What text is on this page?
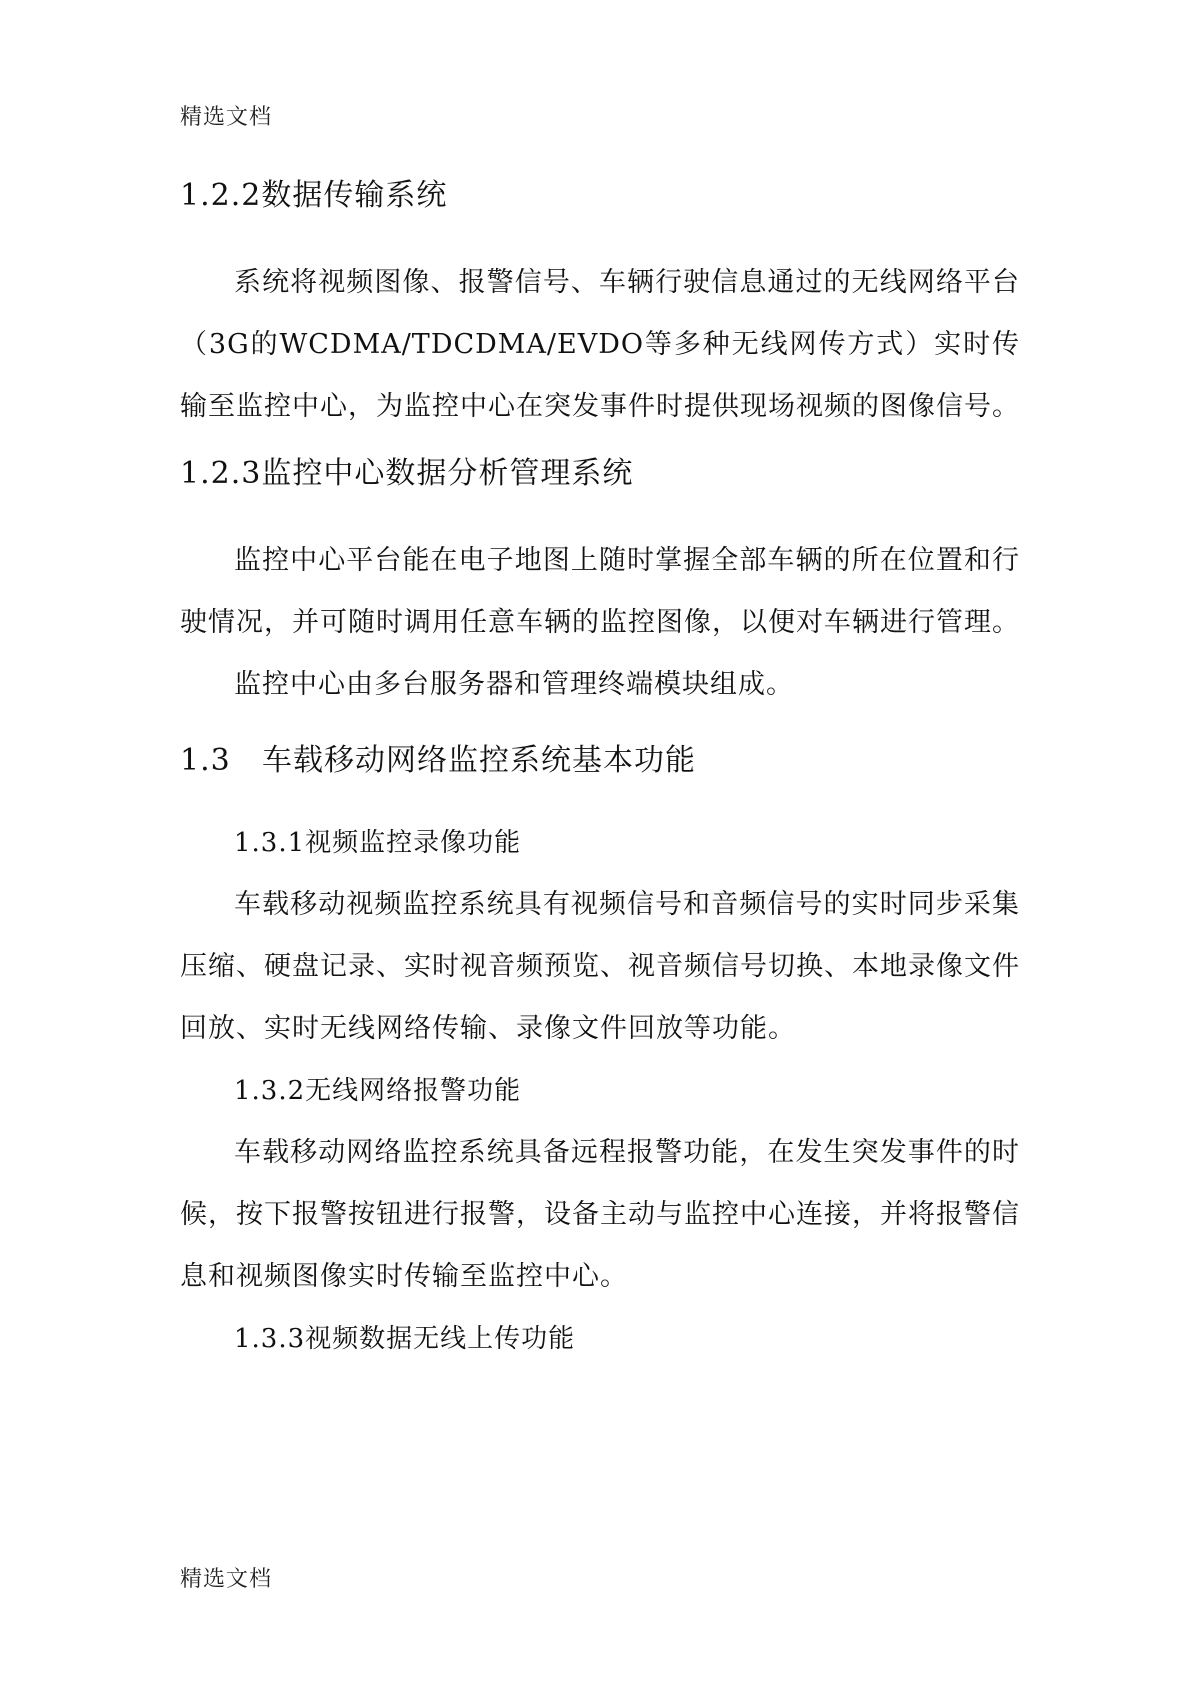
精选文档
1.2.2数据传输系统

系统将视频图像、报警信号、车辆行驶信息通过的无线网络平台（3G的WCDMA/TDCDMA/EVDO等多种无线网传方式）实时传输至监控中心，为监控中心在突发事件时提供现场视频的图像信号。

1.2.3监控中心数据分析管理系统

监控中心平台能在电子地图上随时掌握全部车辆的所在位置和行驶情况，并可随时调用任意车辆的监控图像，以便对车辆进行管理。

监控中心由多台服务器和管理终端模块组成。

1.3 车载移动网络监控系统基本功能

1.3.1视频监控录像功能

车载移动视频监控系统具有视频信号和音频信号的实时同步采集压缩、硬盘记录、实时视音频预览、视音频信号切换、本地录像文件回放、实时无线网络传输、录像文件回放等功能。

1.3.2无线网络报警功能

车载移动网络监控系统具备远程报警功能，在发生突发事件的时候，按下报警按钮进行报警，设备主动与监控中心连接，并将报警信息和视频图像实时传输至监控中心。

1.3.3视频数据无线上传功能

精选文档
